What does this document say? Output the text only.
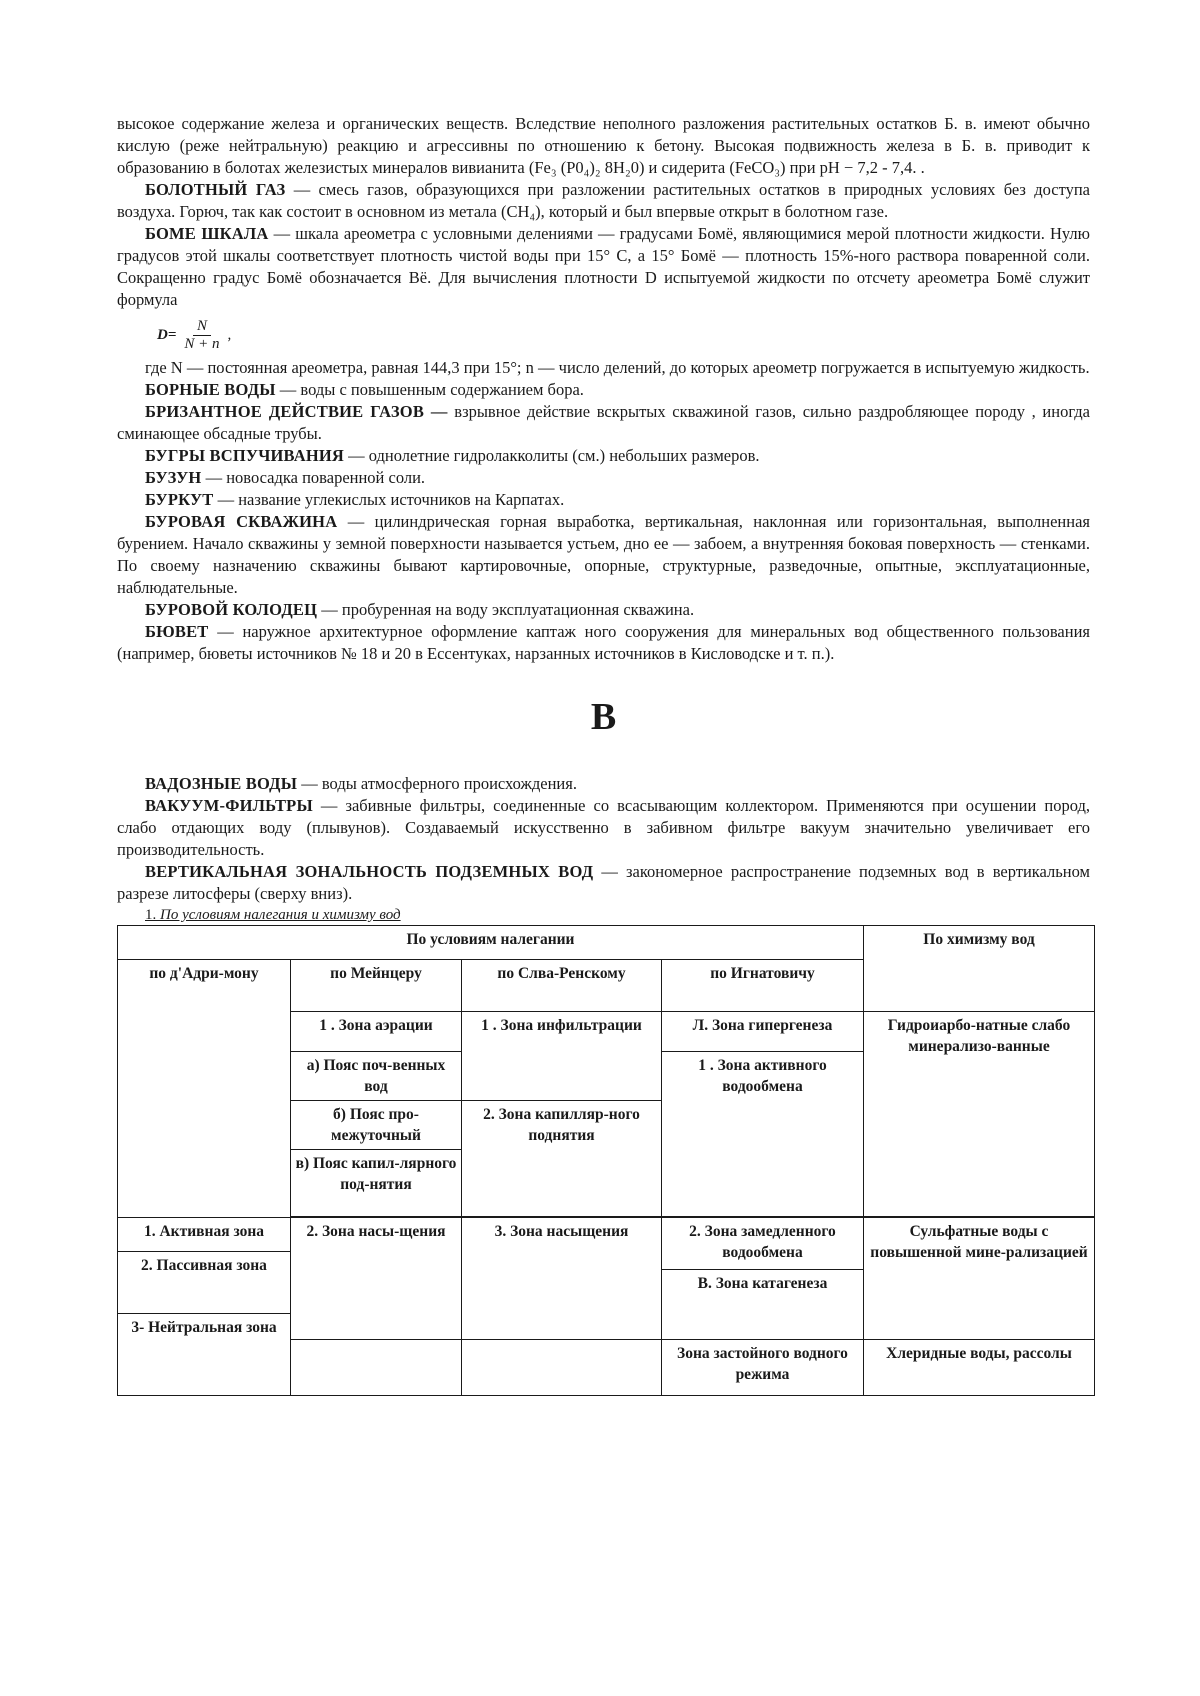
высокое содержание железа и органических веществ. Вследствие неполного разложения растительных остатков Б. в. имеют обычно кислую (реже нейтральную) реакцию и агрессивны по отношению к бетону. Высокая подвижность железа в Б. в. приводит к образованию в болотах железистых минералов вивианита (Fe₃ (P0₄)₂ 8H₂0) и сидерита (FeCO₃) при pH − 7,2 - 7,4. .

БОЛОТНЫЙ ГАЗ — смесь газов, образующихся при разложении растительных остатков в природных условиях без доступа воздуха. Горюч, так как состоит в основном из метала (CH₄), который и был впервые открыт в болотном газе.

БОМЕ ШКАЛА — шкала ареометра с условными делениями — градусами Бомё, являющимися мерой плотности жидкости. Нулю градусов этой шкалы соответствует плотность чистой воды при 15° С, а 15° Бомё — плотность 15%-ного раствора поваренной соли. Сокращенно градус Бомё обозначается Вё. Для вычисления плотности D испытуемой жидкости по отсчету ареометра Бомё служит формула

$D= \frac{N}{N + n}$ ,

где N — постоянная ареометра, равная 144,3 при 15°; n — число делений, до которых ареометр погружается в испытуемую жидкость.

БОРНЫЕ ВОДЫ — воды с повышенным содержанием бора.

БРИЗАНТНОЕ ДЕЙСТВИЕ ГАЗОВ — взрывное действие вскрытых скважиной газов, сильно раздробляющее породу , иногда сминающее обсадные трубы.

БУГРЫ ВСПУЧИВАНИЯ — однолетние гидролакколиты (см.) небольших размеров.

БУЗУН — новосадка поваренной соли.

БУРКУТ — название углекислых источников на Карпатах.

БУРОВАЯ СКВАЖИНА — цилиндрическая горная выработка, вертикальная, наклонная или горизонтальная, выполненная бурением. Начало скважины у земной поверхности называется устьем, дно ее — забоем, а внутренняя боковая поверхность — стенками. По своему назначению скважины бывают картировочные, опорные, структурные, разведочные, опытные, эксплуатационные, наблюдательные.

БУРОВОЙ КОЛОДЕЦ — пробуренная на воду эксплуатационная скважина.

БЮВЕТ — наружное архитектурное оформление каптаж ного сооружения для минеральных вод общественного пользования (например, бюветы источников № 18 и 20 в Ессентуках, нарзанных источников в Кисловодске и т. п.).

В

ВАДОЗНЫЕ ВОДЫ — воды атмосферного происхождения.

ВАКУУМ-ФИЛЬТРЫ — забивные фильтры, соединенные со всасывающим коллектором. Применяются при осушении пород, слабо отдающих воду (плывунов). Создаваемый искусственно в забивном фильтре вакуум значительно увеличивает его производительность.

ВЕРТИКАЛЬНАЯ ЗОНАЛЬНОСТЬ ПОДЗЕМНЫХ ВОД — закономерное распространение подземных вод в вертикальном разрезе литосферы (сверху вниз).

1. По условиям налегания и химизму вод

По условиям налегании				По химизму вод
по д'Адри-мону	по Мейнцеру	по Слва-Ренскому	по Игнатовичу	
	1 . Зона аэрации	1 . Зона инфильтрации	Л. Зона гипергенеза	Гидроиарбо-натные слабо минерализо-ванные
	а) Пояс поч-венных вод		1 . Зона активного водообмена	
	б) Пояс про-межуточный	2. Зона капилляр-ного поднятия		
	в) Пояс капил-лярного под-нятия			

1. Активная зона	2. Зона насы-щения	3. Зона насыщения	2. Зона замедленного водообмена	Сульфатные воды с повышенной мине-рализацией
2. Пассивная зона				
			В. Зона катагенеза	
3- Нейтральная зона				
			Зона застойного водного режима	Хлеридные воды, рассолы
